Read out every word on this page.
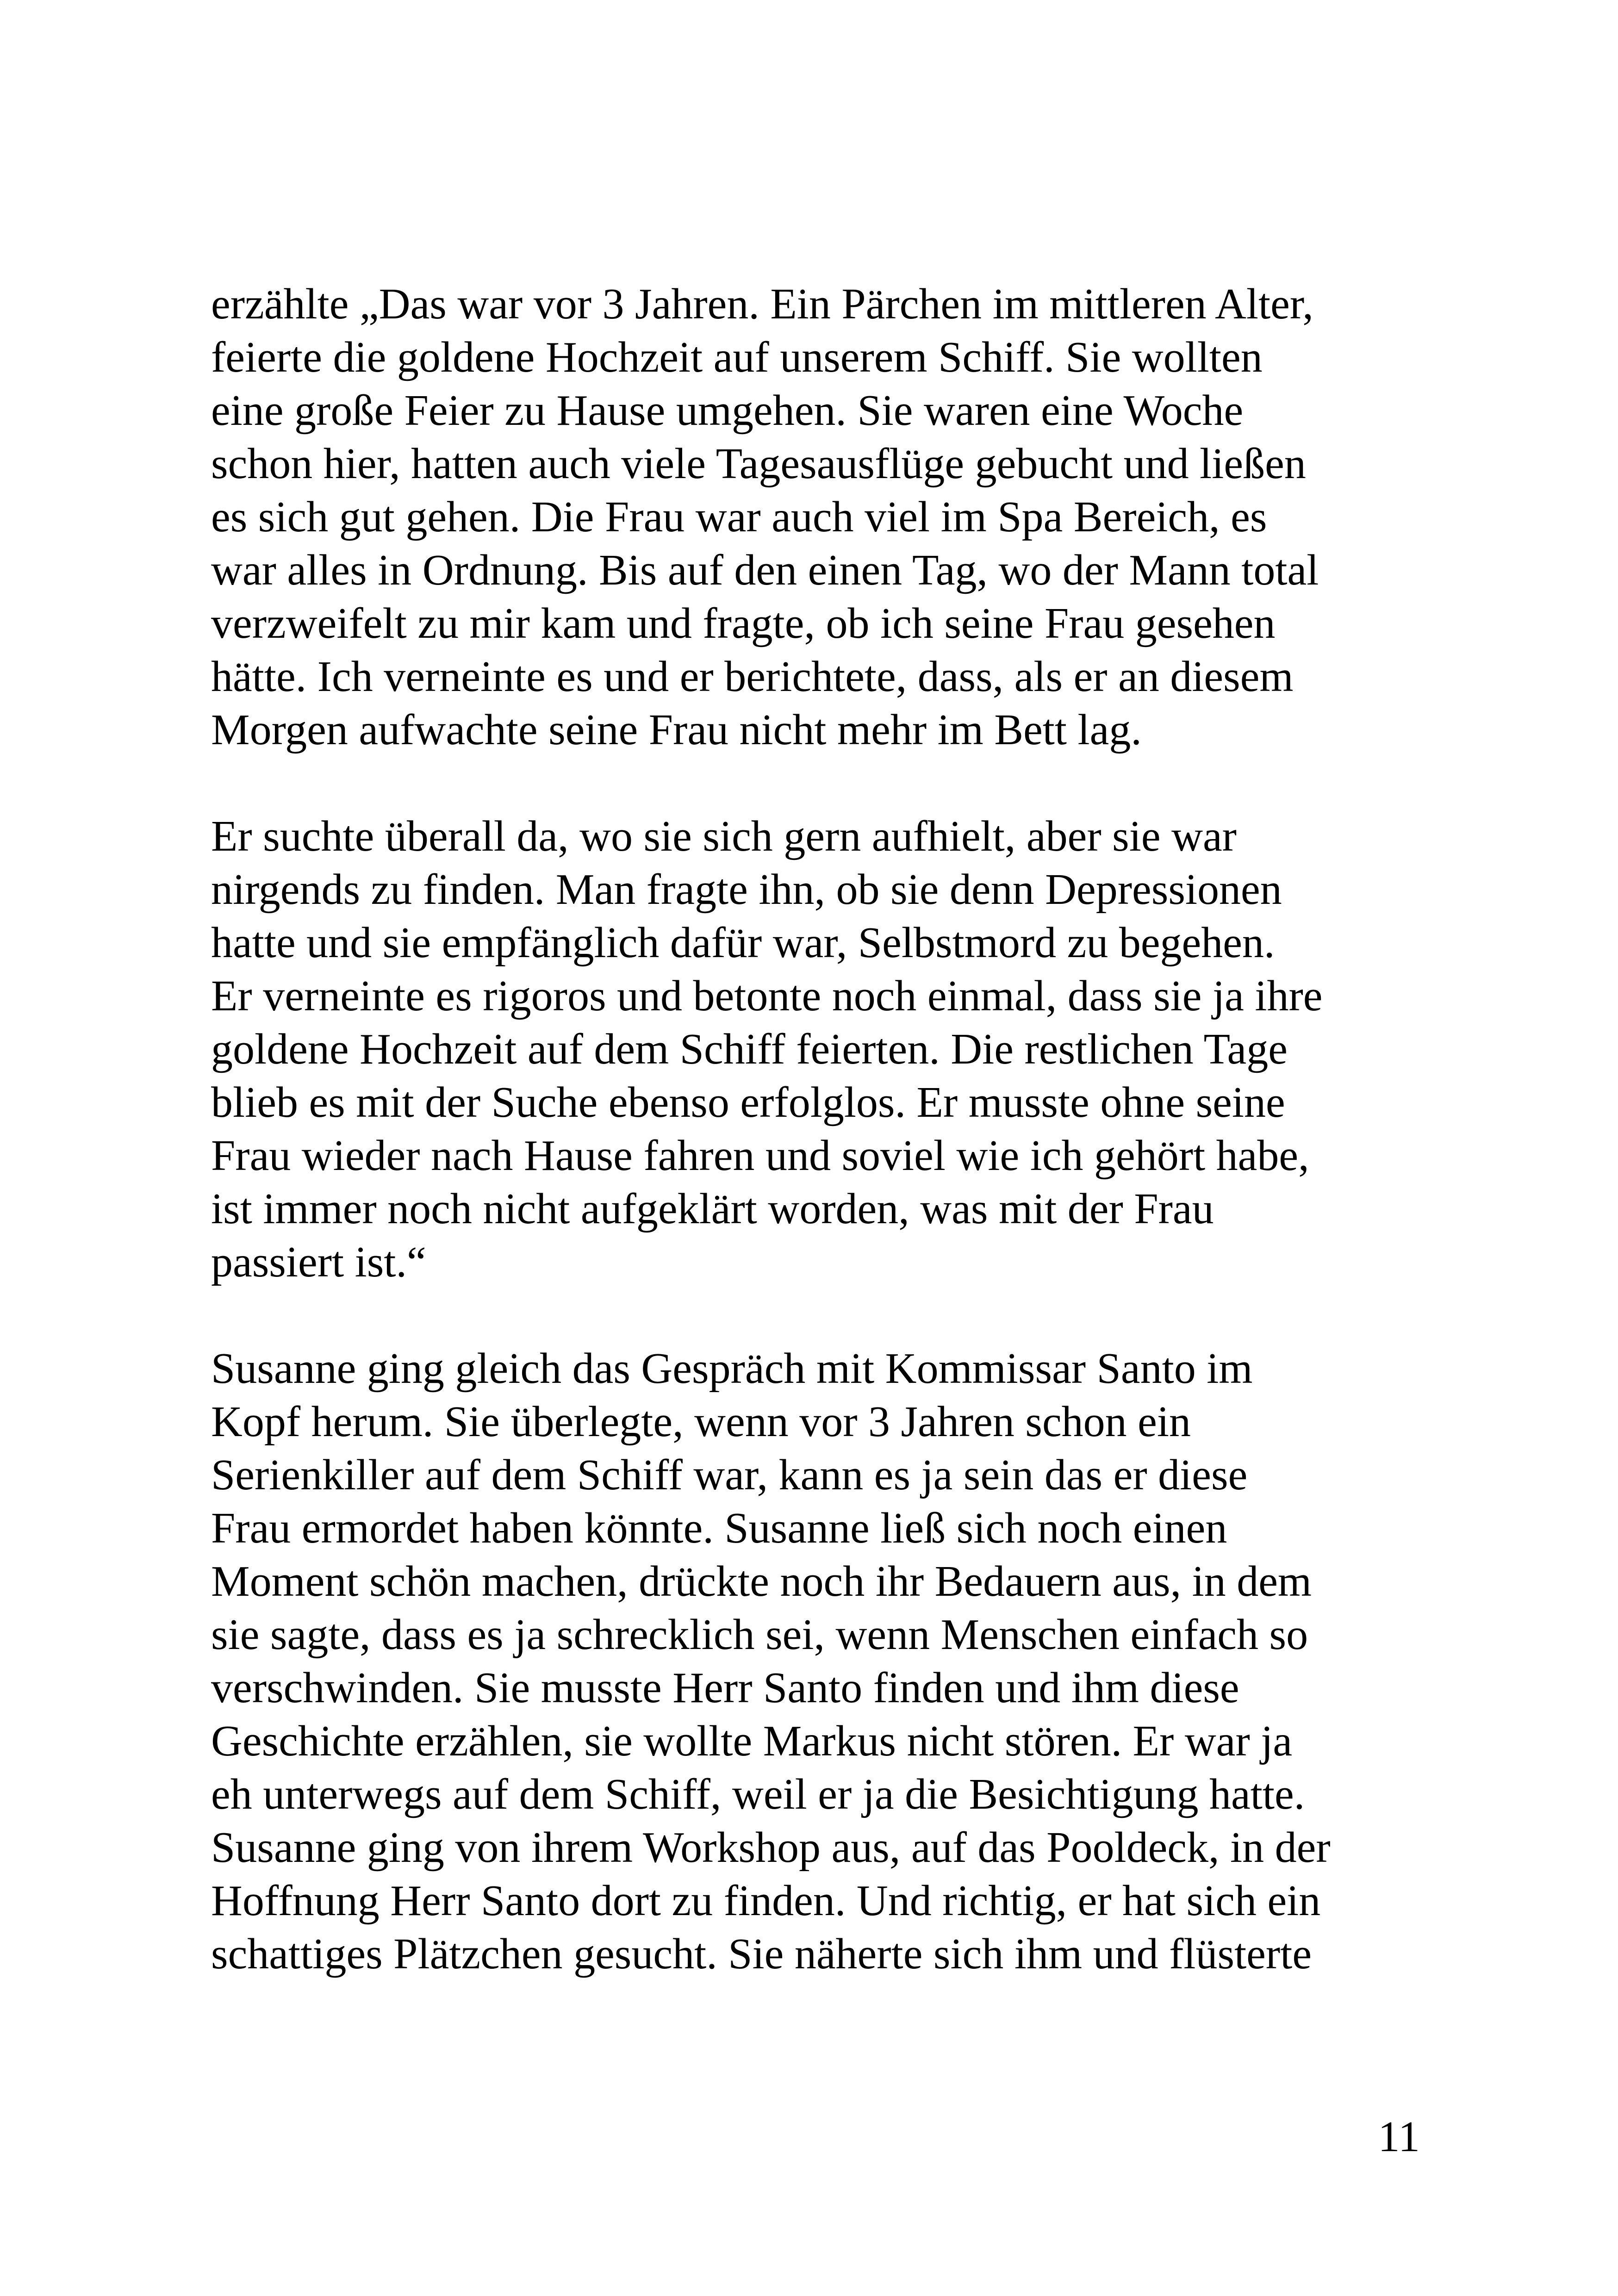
erzählte „Das war vor 3 Jahren. Ein Pärchen im mittleren Alter,
feierte die goldene Hochzeit auf unserem Schiff. Sie wollten
eine große Feier zu Hause umgehen. Sie waren eine Woche
schon hier, hatten auch viele Tagesausflüge gebucht und ließen
es sich gut gehen. Die Frau war auch viel im Spa Bereich, es
war alles in Ordnung. Bis auf den einen Tag, wo der Mann total
verzweifelt zu mir kam und fragte, ob ich seine Frau gesehen
hätte. Ich verneinte es und er berichtete, dass, als er an diesem
Morgen aufwachte seine Frau nicht mehr im Bett lag.

Er suchte überall da, wo sie sich gern aufhielt, aber sie war
nirgends zu finden. Man fragte ihn, ob sie denn Depressionen
hatte und sie empfänglich dafür war, Selbstmord zu begehen.
Er verneinte es rigoros und betonte noch einmal, dass sie ja ihre
goldene Hochzeit auf dem Schiff feierten. Die restlichen Tage
blieb es mit der Suche ebenso erfolglos. Er musste ohne seine
Frau wieder nach Hause fahren und soviel wie ich gehört habe,
ist immer noch nicht aufgeklärt worden, was mit der Frau
passiert ist.“

Susanne ging gleich das Gespräch mit Kommissar Santo im
Kopf herum. Sie überlegte, wenn vor 3 Jahren schon ein
Serienkiller auf dem Schiff war, kann es ja sein das er diese
Frau ermordet haben könnte. Susanne ließ sich noch einen
Moment schön machen, drückte noch ihr Bedauern aus, in dem
sie sagte, dass es ja schrecklich sei, wenn Menschen einfach so
verschwinden. Sie musste Herr Santo finden und ihm diese
Geschichte erzählen, sie wollte Markus nicht stören. Er war ja
eh unterwegs auf dem Schiff, weil er ja die Besichtigung hatte.
Susanne ging von ihrem Workshop aus, auf das Pooldeck, in der
Hoffnung Herr Santo dort zu finden. Und richtig, er hat sich ein
schattiges Plätzchen gesucht. Sie näherte sich ihm und flüsterte

11
